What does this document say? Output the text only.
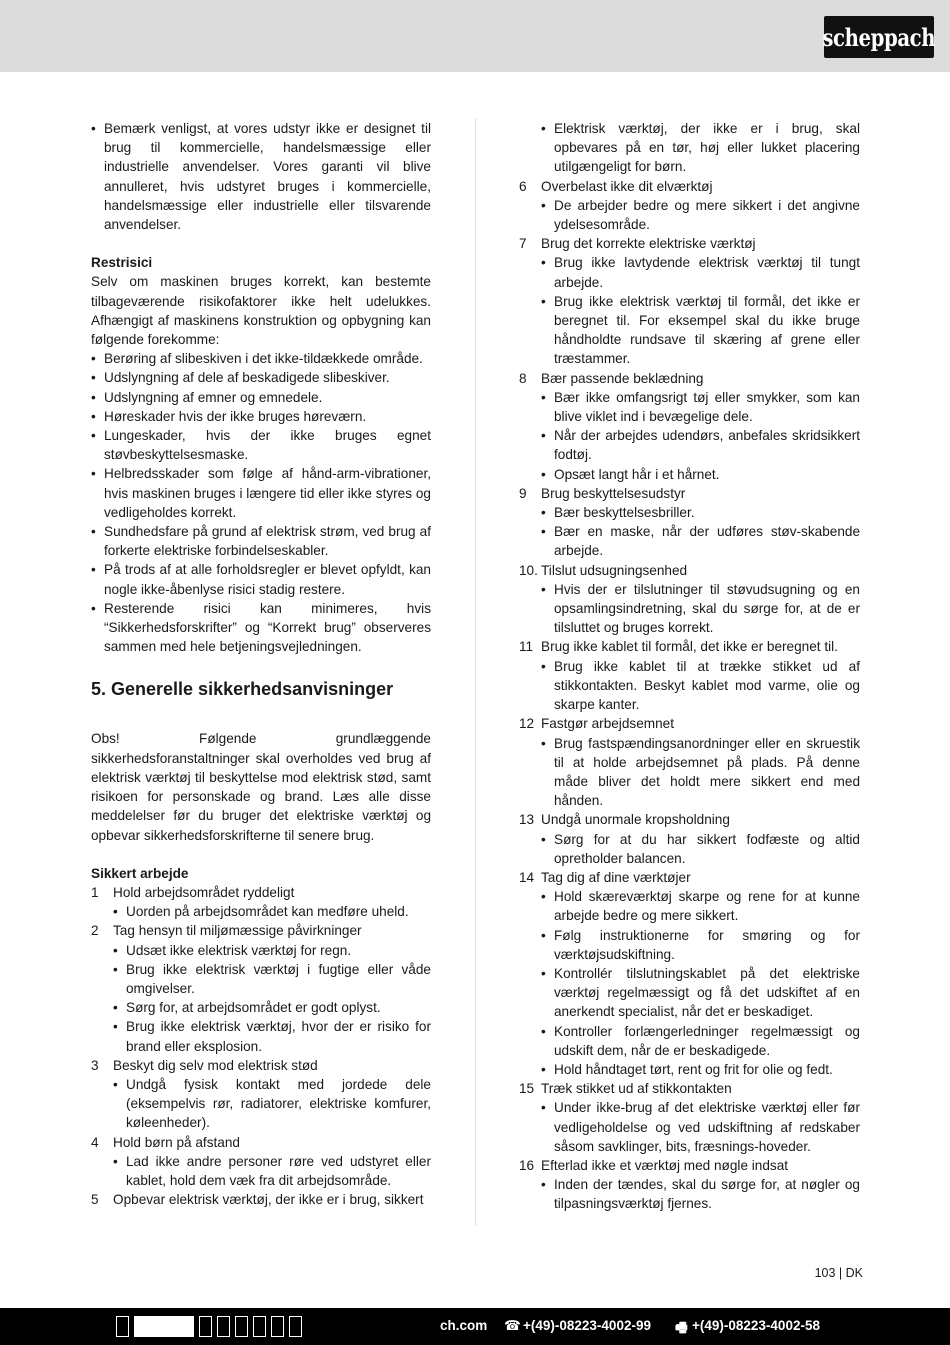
scheppach
• Bemærk venligst, at vores udstyr ikke er designet til brug til kommercielle, handelsmæssige eller industrielle anvendelser. Vores garanti vil blive annulleret, hvis udstyret bruges i kommercielle, handelsmæssige eller industrielle eller tilsvarende anvendelser.
Restrisici
Selv om maskinen bruges korrekt, kan bestemte tilbageværende risikofaktorer ikke helt udelukkes. Afhængigt af maskinens konstruktion og opbygning kan følgende forekomme:
• Berøring af slibeskiven i det ikke-tildækkede område.
• Udslyngning af dele af beskadigede slibeskiver.
• Udslyngning af emner og emnedele.
• Høreskader hvis der ikke bruges høreværn.
• Lungeskader, hvis der ikke bruges egnet støvbeskyttelsesmaske.
• Helbredsskader som følge af hånd-arm-vibrationer, hvis maskinen bruges i længere tid eller ikke styres og vedligeholdes korrekt.
• Sundhedsfare på grund af elektrisk strøm, ved brug af forkerte elektriske forbindelseskabler.
• På trods af at alle forholdsregler er blevet opfyldt, kan nogle ikke-åbenlyse risici stadig restere.
• Resterende risici kan minimeres, hvis “Sikkerhedsforskrifter” og “Korrekt brug” observeres sammen med hele betjeningsvejledningen.
5. Generelle sikkerhedsanvisninger
Obs! Følgende grundlæggende sikkerhedsforanstaltninger skal overholdes ved brug af elektrisk værktøj til beskyttelse mod elektrisk stød, samt risikoen for personskade og brand. Læs alle disse meddelelser før du bruger det elektriske værktøj og opbevar sikkerhedsforskrifterne til senere brug.
Sikkert arbejde
1	Hold arbejdsområdet ryddeligt
• Uorden på arbejdsområdet kan medføre uheld.
2	Tag hensyn til miljømæssige påvirkninger
• Udsæt ikke elektrisk værktøj for regn.
• Brug ikke elektrisk værktøj i fugtige eller våde omgivelser.
• Sørg for, at arbejdsområdet er godt oplyst.
• Brug ikke elektrisk værktøj, hvor der er risiko for brand eller eksplosion.
3	Beskyt dig selv mod elektrisk stød
• Undgå fysisk kontakt med jordede dele (eksempelvis rør, radiatorer, elektriske komfurer, køleenheder).
4	Hold børn på afstand
• Lad ikke andre personer røre ved udstyret eller kablet, hold dem væk fra dit arbejdsområde.
5	Opbevar elektrisk værktøj, der ikke er i brug, sikkert
• Elektrisk værktøj, der ikke er i brug, skal opbevares på en tør, høj eller lukket placering utilgængeligt for børn.
6	Overbelast ikke dit elværktøj
• De arbejder bedre og mere sikkert i det angivne ydelsesområde.
7	Brug det korrekte elektriske værktøj
• Brug ikke lavtydende elektrisk værktøj til tungt arbejde.
• Brug ikke elektrisk værktøj til formål, det ikke er beregnet til. For eksempel skal du ikke bruge håndholdte rundsave til skæring af grene eller træstammer.
8	Bær passende beklædning
• Bær ikke omfangsrigt tøj eller smykker, som kan blive viklet ind i bevægelige dele.
• Når der arbejdes udendørs, anbefales skridsikkert fodtøj.
• Opsæt langt hår i et hårnet.
9	Brug beskyttelsesudstyr
• Bær beskyttelsesbriller.
• Bær en maske, når der udføres støv-skabende arbejde.
10. Tilslut udsugningsenhed
• Hvis der er tilslutninger til støvudsugning og en opsamlingsindretning, skal du sørge for, at de er tilsluttet og bruges korrekt.
11 Brug ikke kablet til formål, det ikke er beregnet til.
• Brug ikke kablet til at trække stikket ud af stikkontakten. Beskyt kablet mod varme, olie og skarpe kanter.
12 Fastgør arbejdsemnet
• Brug fastspændingsanordninger eller en skruestik til at holde arbejdsemnet på plads. På denne måde bliver det holdt mere sikkert end med hånden.
13 Undgå unormale kropsholdning
• Sørg for at du har sikkert fodfæste og altid opretholder balancen.
14 Tag dig af dine værktøjer
• Hold skæreværktøj skarpe og rene for at kunne arbejde bedre og mere sikkert.
• Følg instruktionerne for smøring og for værktøjsudskiftning.
• Kontrollér tilslutningskablet på det elektriske værktøj regelmæssigt og få det udskiftet af en anerkendt specialist, når det er beskadiget.
• Kontroller forlængerledninger regelmæssigt og udskift dem, når de er beskadigede.
• Hold håndtaget tørt, rent og frit for olie og fedt.
15 Træk stikket ud af stikkontakten
• Under ikke-brug af det elektriske værktøj eller før vedligeholdelse og ved udskiftning af redskaber såsom savklinger, bits, fræsnings-hoveder.
16 Efterlad ikke et værktøj med nøgle indsat
• Inden der tændes, skal du sørge for, at nøgler og tilpasningsværktøj fjernes.
103 | DK
ch.com ☎ +(49)-08223-4002-99 🖷 +(49)-08223-4002-58
